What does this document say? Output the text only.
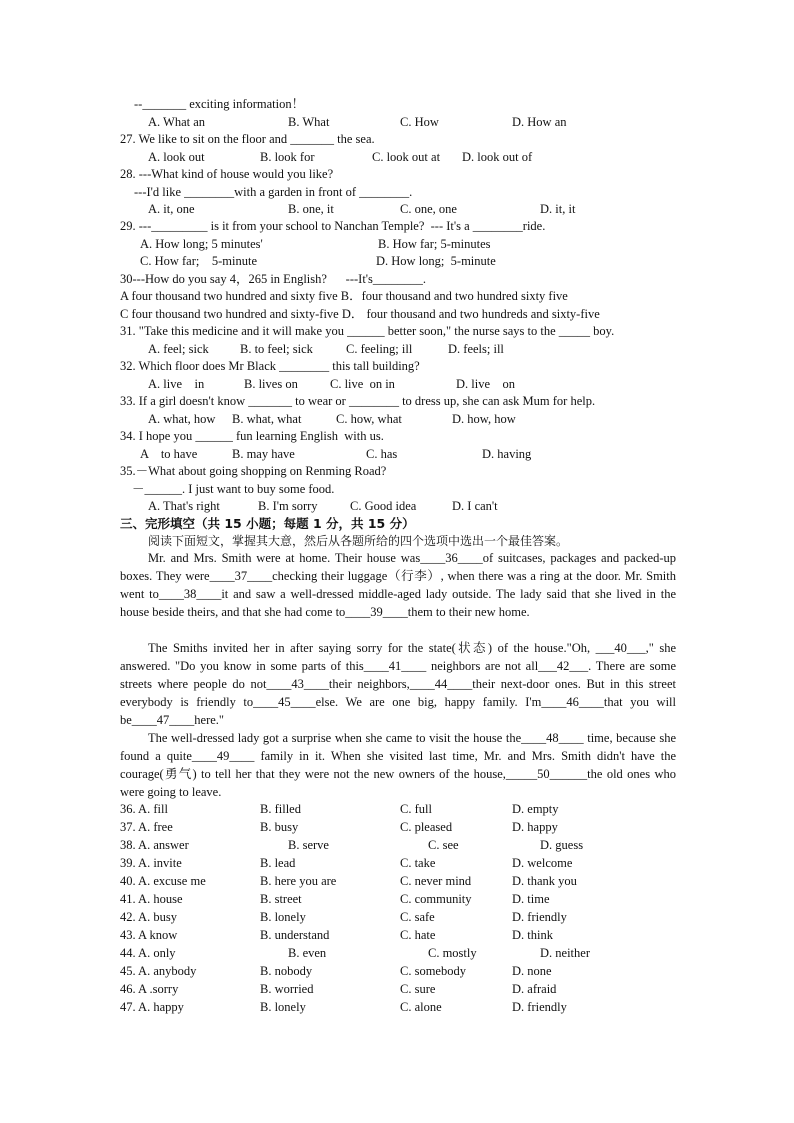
--_______ exciting information！
A. What an	B. What	C. How	D. How an
27. We like to sit on the floor and _______ the sea.
A. look out	B. look for	C. look out at D. look out of
28. ---What kind of house would you like?
---I'd like ________with a garden in front of ________.
A. it, one	B. one, it	C. one, one	D. it, it
29. ---_________ is it from your school to Nanchan Temple?  --- It's a ________ride.
A. How long; 5 minutes'	B. How far; 5-minutes
C. How far;    5-minute	D. How long;  5-minute
30---How do you say 4，265 in English?      ---It's________.
A four thousand two hundred and sixty five B．four thousand and two hundred sixty five
C four thousand two hundred and sixty-five D． four thousand and two hundreds and sixty-five
31. "Take this medicine and it will make you ______ better soon," the nurse says to the _____ boy.
A. feel; sick	B. to feel; sick	C. feeling; ill	D. feels; ill
32. Which floor does Mr Black ________ this tall building?
A. live    in	B. lives on	C. live  on in	D. live    on
33. If a girl doesn't know _______ to wear or ________ to dress up, she can ask Mum for help.
A. what, how B. what, what	C. how, what	D. how, how
34. I hope you ______ fun learning English  with us.
A    to have	B. may have	C. has	D. having
35.－What about going shopping on Renming Road?
－______. I just want to buy some food.
A. That's right	B. I'm sorry	C. Good idea	D. I can't
三、完形填空（共 15 小题；每题 1 分，共 15 分）
阅读下面短文，掌握其大意，然后从各题所给的四个选项中选出一个最佳答案。
Mr. and Mrs. Smith were at home. Their house was____36____of suitcases, packages and packed-up boxes. They were____37____checking their luggage（行李）, when there was a ring at the door. Mr. Smith went to____38____it and saw a well-dressed middle-aged lady outside. The lady said that she lived in the house beside theirs, and that she had come to____39____them to their new home.
The Smiths invited her in after saying sorry for the state(状态) of the house."Oh, ___40___," she answered. "Do you know in some parts of this____41____ neighbors are not all___42___. There are some streets where people do not____43____their neighbors,____44____their next-door ones. But in this street everybody is friendly to____45____else. We are one big, happy family. I'm____46____that you will be____47____here."
The well-dressed lady got a surprise when she came to visit the house the____48____ time, because she found a quite____49____ family in it. When she visited last time, Mr. and Mrs. Smith didn't have the courage(勇气) to tell her that they were not the new owners of the house,_____50______the old ones who were going to leave.
36. A. fill	B. filled	C. full	D. empty
37. A. free	B. busy	C. pleased	D. happy
38. A. answer	B. serve	C. see	D. guess
39. A. invite	B. lead	C. take	D. welcome
40. A. excuse me	B. here you are	C. never mind	D. thank you
41. A. house	B. street	C. community	D. time
42. A. busy	B. lonely	C. safe	D. friendly
43. A know	B. understand	C. hate	D. think
44. A. only	B. even	C. mostly	D. neither
45. A. anybody	B. nobody	C. somebody	D. none
46. A .sorry	B. worried	C. sure	D. afraid
47. A. happy	B. lonely	C. alone	D. friendly
